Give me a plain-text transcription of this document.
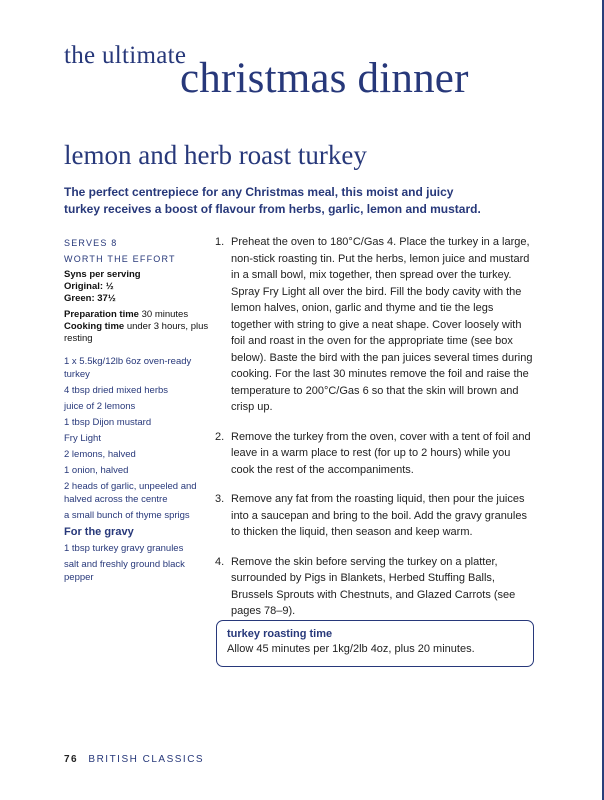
the ultimate
christmas dinner
lemon and herb roast turkey
The perfect centrepiece for any Christmas meal, this moist and juicy turkey receives a boost of flavour from herbs, garlic, lemon and mustard.
SERVES 8
WORTH THE EFFORT
Syns per serving
Original: ½
Green: 37½
Preparation time 30 minutes
Cooking time under 3 hours, plus resting
1 x 5.5kg/12lb 6oz oven-ready turkey
4 tbsp dried mixed herbs
juice of 2 lemons
1 tbsp Dijon mustard
Fry Light
2 lemons, halved
1 onion, halved
2 heads of garlic, unpeeled and halved across the centre
a small bunch of thyme sprigs
For the gravy
1 tbsp turkey gravy granules
salt and freshly ground black pepper
1. Preheat the oven to 180°C/Gas 4. Place the turkey in a large, non-stick roasting tin. Put the herbs, lemon juice and mustard in a small bowl, mix together, then spread over the turkey. Spray Fry Light all over the bird. Fill the body cavity with the lemon halves, onion, garlic and thyme and tie the legs together with string to give a neat shape. Cover loosely with foil and roast in the oven for the appropriate time (see box below). Baste the bird with the pan juices several times during cooking. For the last 30 minutes remove the foil and raise the temperature to 200°C/Gas 6 so that the skin will brown and crisp up.
2. Remove the turkey from the oven, cover with a tent of foil and leave in a warm place to rest (for up to 2 hours) while you cook the rest of the accompaniments.
3. Remove any fat from the roasting liquid, then pour the juices into a saucepan and bring to the boil. Add the gravy granules to thicken the liquid, then season and keep warm.
4. Remove the skin before serving the turkey on a platter, surrounded by Pigs in Blankets, Herbed Stuffing Balls, Brussels Sprouts with Chestnuts, and Glazed Carrots (see pages 78–9).
turkey roasting time
Allow 45 minutes per 1kg/2lb 4oz, plus 20 minutes.
76 BRITISH CLASSICS
